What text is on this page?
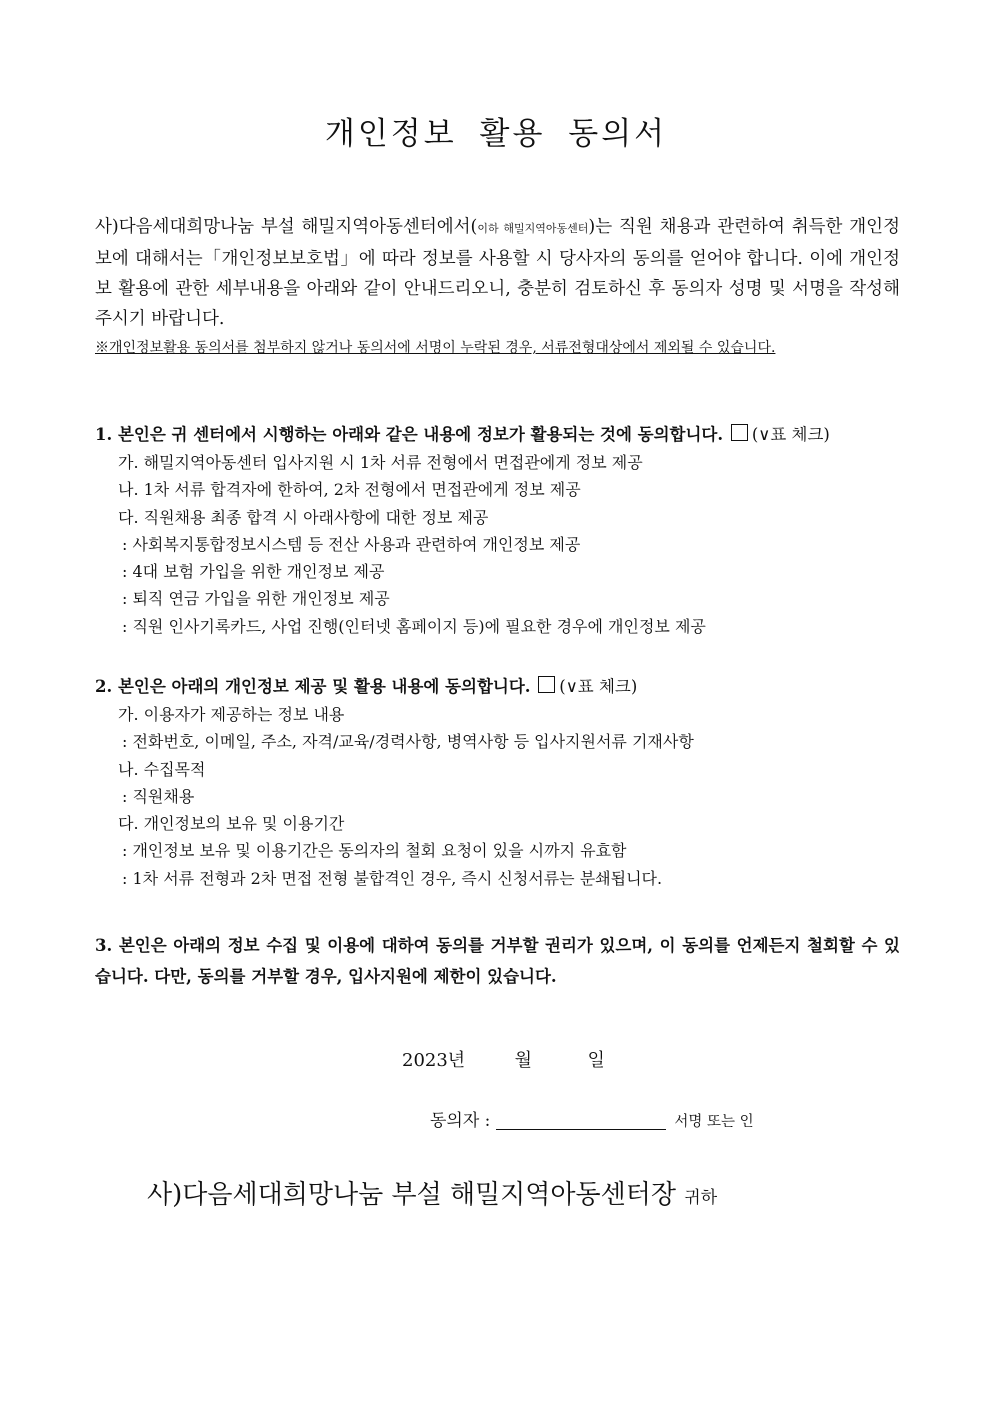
개인정보 활용 동의서

사)다음세대희망나눔 부설 해밀지역아동센터에서(이하 해밀지역아동센터)는 직원 채용과 관련하여 취득한 개인정보에 대해서는「개인정보보호법」에 따라 정보를 사용할 시 당사자의 동의를 얻어야 합니다. 이에 개인정보 활용에 관한 세부내용을 아래와 같이 안내드리오니, 충분히 검토하신 후 동의자 성명 및 서명을 작성해 주시기 바랍니다.

※개인정보활용 동의서를 첨부하지 않거나 동의서에 서명이 누락된 경우, 서류전형대상에서 제외될 수 있습니다.
1. 본인은 귀 센터에서 시행하는 아래와 같은 내용에 정보가 활용되는 것에 동의합니다. (∨표 체크)
가. 해밀지역아동센터 입사지원 시 1차 서류 전형에서 면접관에게 정보 제공
나. 1차 서류 합격자에 한하여, 2차 전형에서 면접관에게 정보 제공
다. 직원채용 최종 합격 시 아래사항에 대한 정보 제공
: 사회복지통합정보시스템 등 전산 사용과 관련하여 개인정보 제공
: 4대 보험 가입을 위한 개인정보 제공
: 퇴직 연금 가입을 위한 개인정보 제공
: 직원 인사기록카드, 사업 진행(인터넷 홈페이지 등)에 필요한 경우에 개인정보 제공
2. 본인은 아래의 개인정보 제공 및 활용 내용에 동의합니다. (∨표 체크)
가. 이용자가 제공하는 정보 내용
: 전화번호, 이메일, 주소, 자격/교육/경력사항, 병역사항 등 입사지원서류 기재사항
나. 수집목적
: 직원채용
다. 개인정보의 보유 및 이용기간
: 개인정보 보유 및 이용기간은 동의자의 철회 요청이 있을 시까지 유효함
: 1차 서류 전형과 2차 면접 전형 불합격인 경우, 즉시 신청서류는 분쇄됩니다.
3. 본인은 아래의 정보 수집 및 이용에 대하여 동의를 거부할 권리가 있으며, 이 동의를 언제든지 철회할 수 있습니다. 다만, 동의를 거부할 경우, 입사지원에 제한이 있습니다.
2023년	월	일
동의자 :	서명 또는 인
사)다음세대희망나눔 부설 해밀지역아동센터장 귀하
